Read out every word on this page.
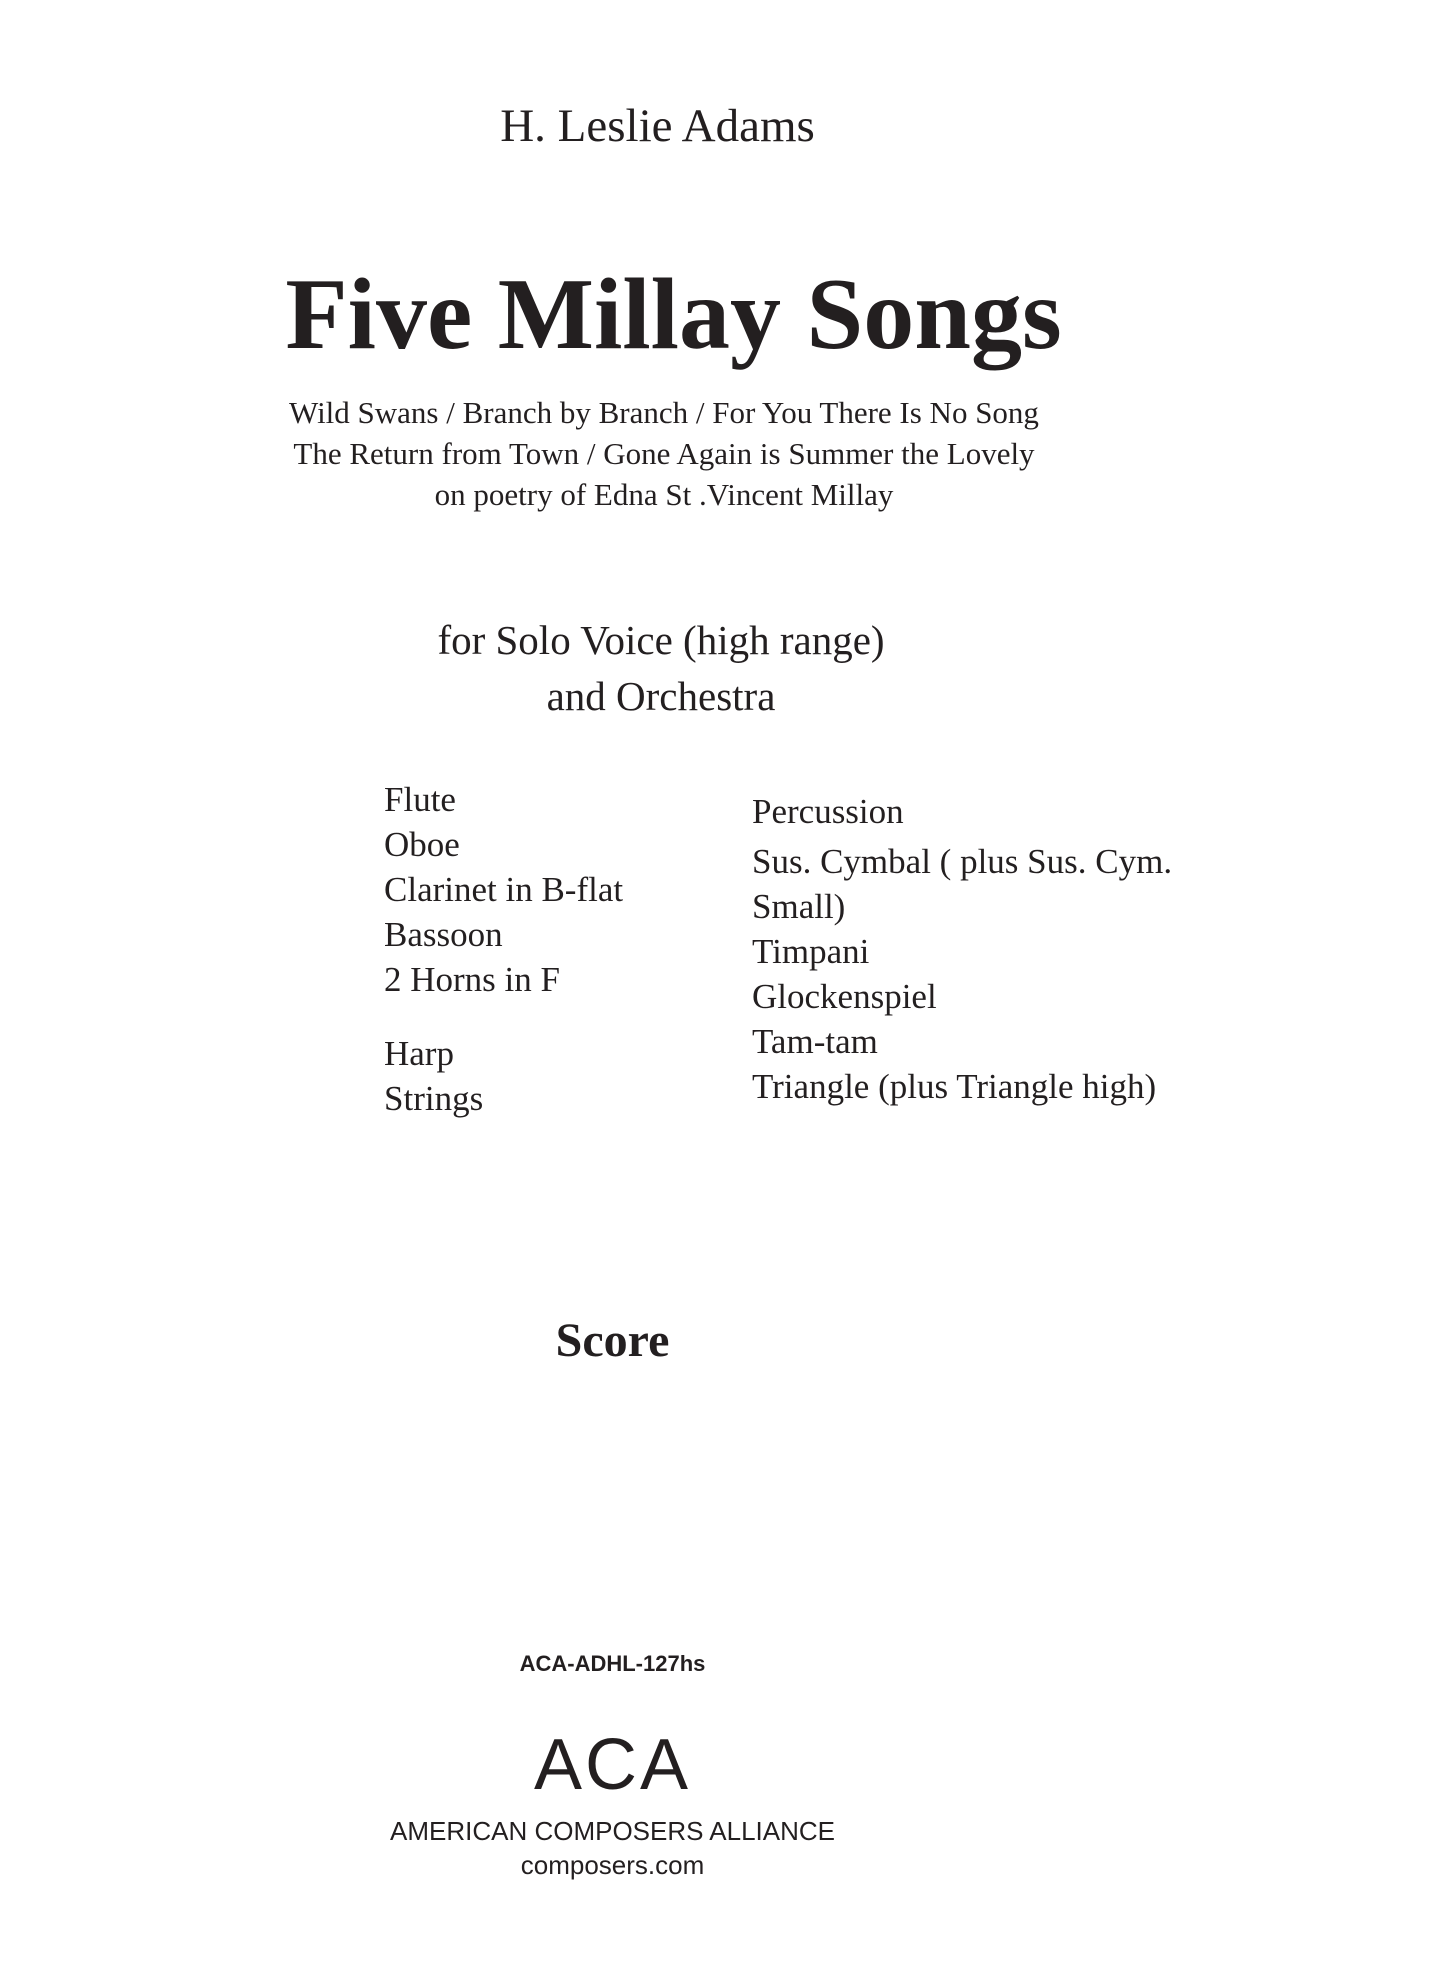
H. Leslie Adams
Five Millay Songs
Wild Swans / Branch by Branch / For You There Is No Song
The Return from Town / Gone Again is Summer the Lovely
on poetry of Edna St .Vincent Millay
for Solo Voice (high range)
and Orchestra
Flute
Oboe
Clarinet in B-flat
Bassoon
2 Horns in F
Harp
Strings
Percussion
Sus. Cymbal ( plus Sus. Cym.
Small)
Timpani
Glockenspiel
Tam-tam
Triangle (plus Triangle high)
Score
ACA-ADHL-127hs
ACA
AMERICAN COMPOSERS ALLIANCE
composers.com
